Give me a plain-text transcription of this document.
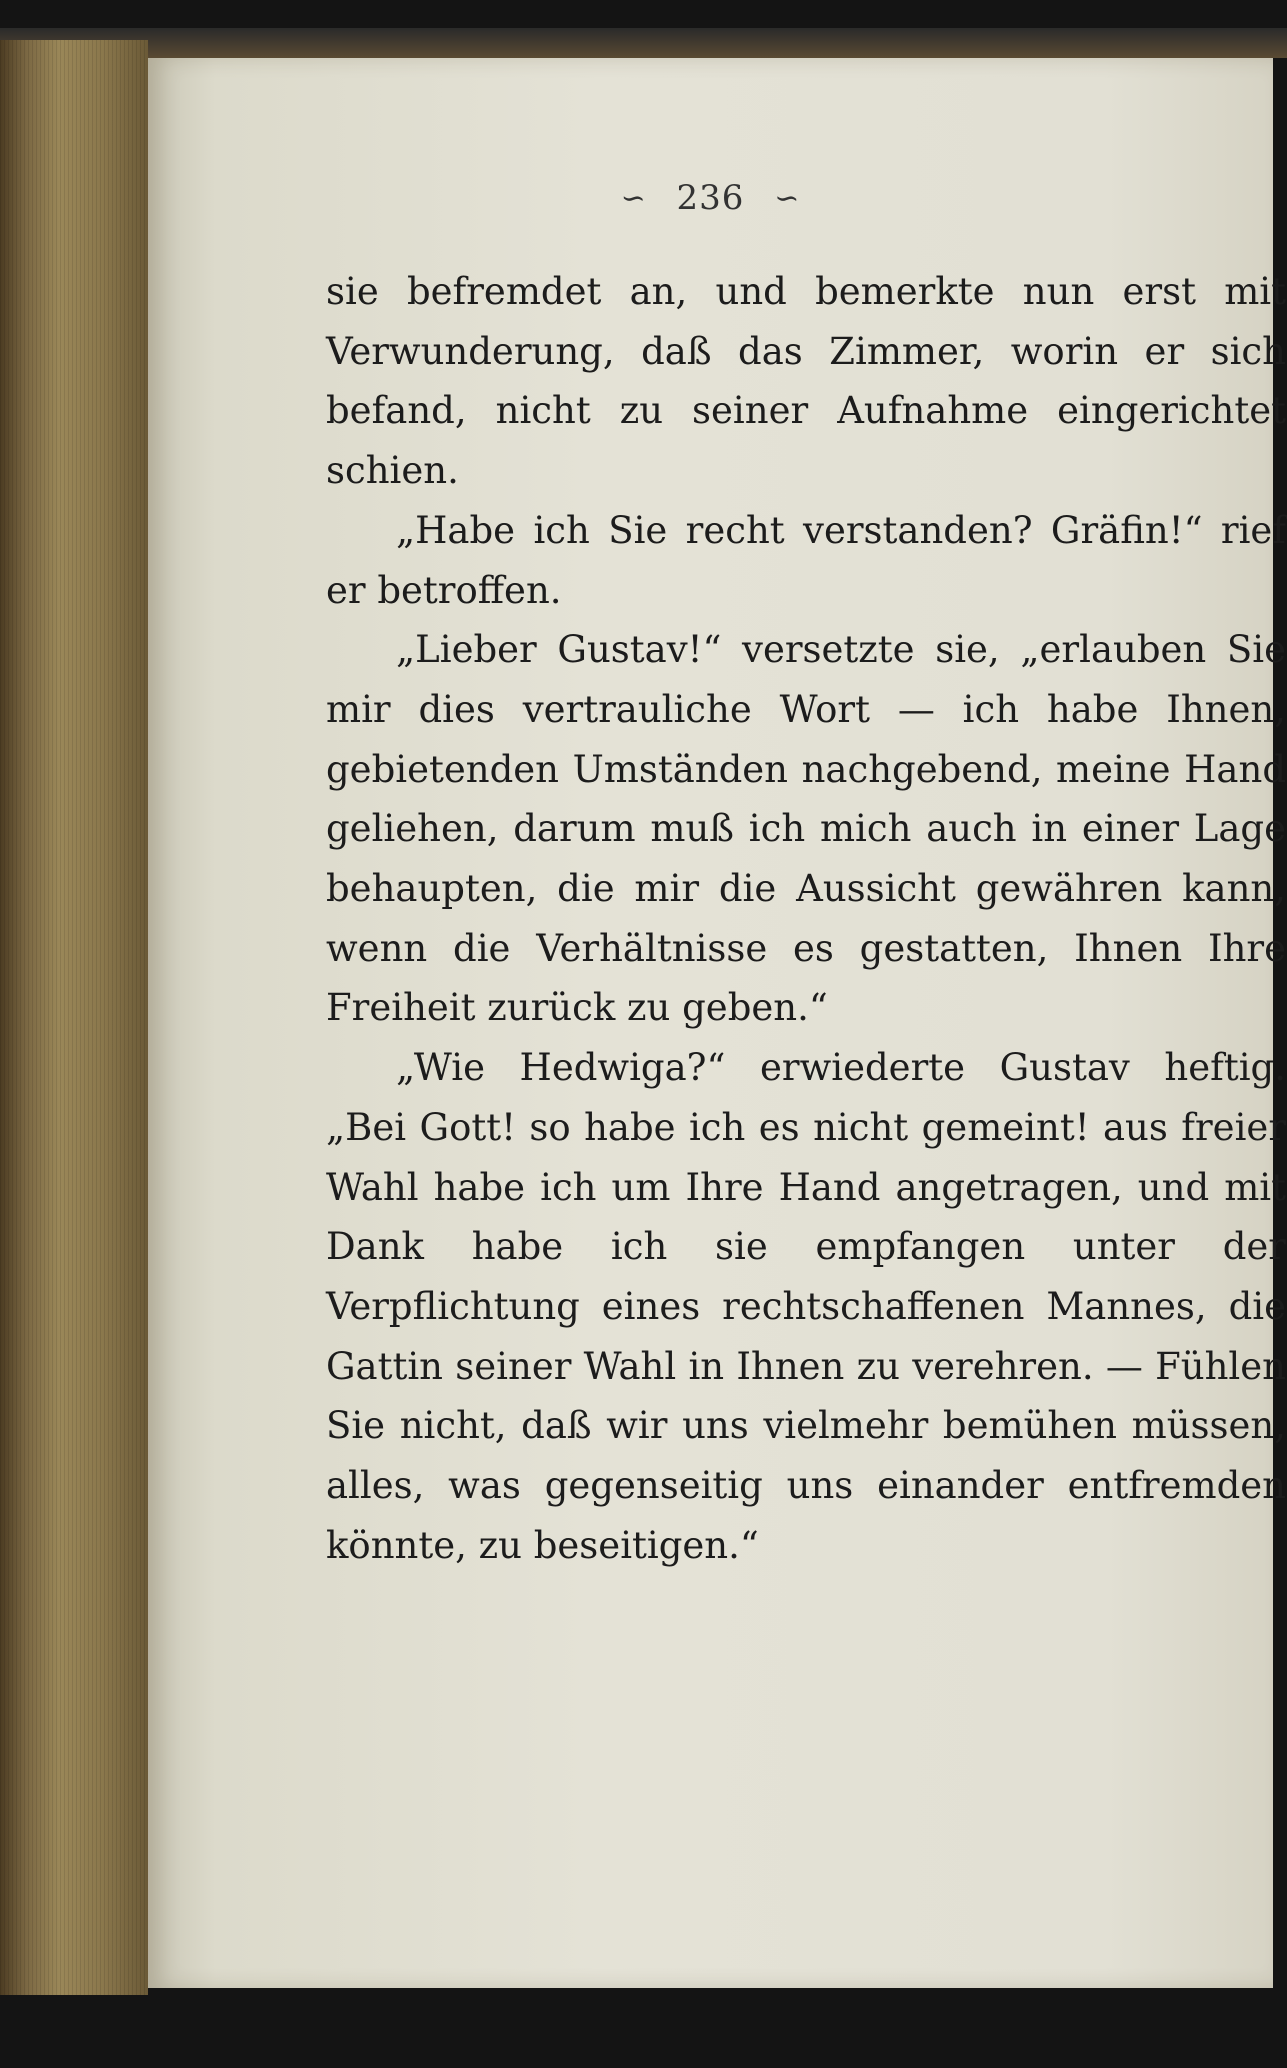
∽ 236 ∽

sie befremdet an, und bemerkte nun erst mit Verwunderung, daß das Zimmer, worin er sich befand, nicht zu seiner Aufnahme eingerichtet schien.

„Habe ich Sie recht verstanden? Gräfin!“ rief er betroffen.

„Lieber Gustav!“ versetzte sie, „erlauben Sie mir dies vertrauliche Wort — ich habe Ihnen, gebietenden Umständen nachgebend, meine Hand geliehen, darum muß ich mich auch in einer Lage behaupten, die mir die Aussicht gewähren kann, wenn die Verhältnisse es gestatten, Ihnen Ihre Freiheit zurück zu geben.“

„Wie Hedwiga?“ erwiederte Gustav heftig. „Bei Gott! so habe ich es nicht gemeint! aus freier Wahl habe ich um Ihre Hand angetragen, und mit Dank habe ich sie empfangen unter der Verpflichtung eines rechtschaffenen Mannes, die Gattin seiner Wahl in Ihnen zu verehren. — Fühlen Sie nicht, daß wir uns vielmehr bemühen müssen, alles, was gegenseitig uns einander entfremden könnte, zu beseitigen.“
